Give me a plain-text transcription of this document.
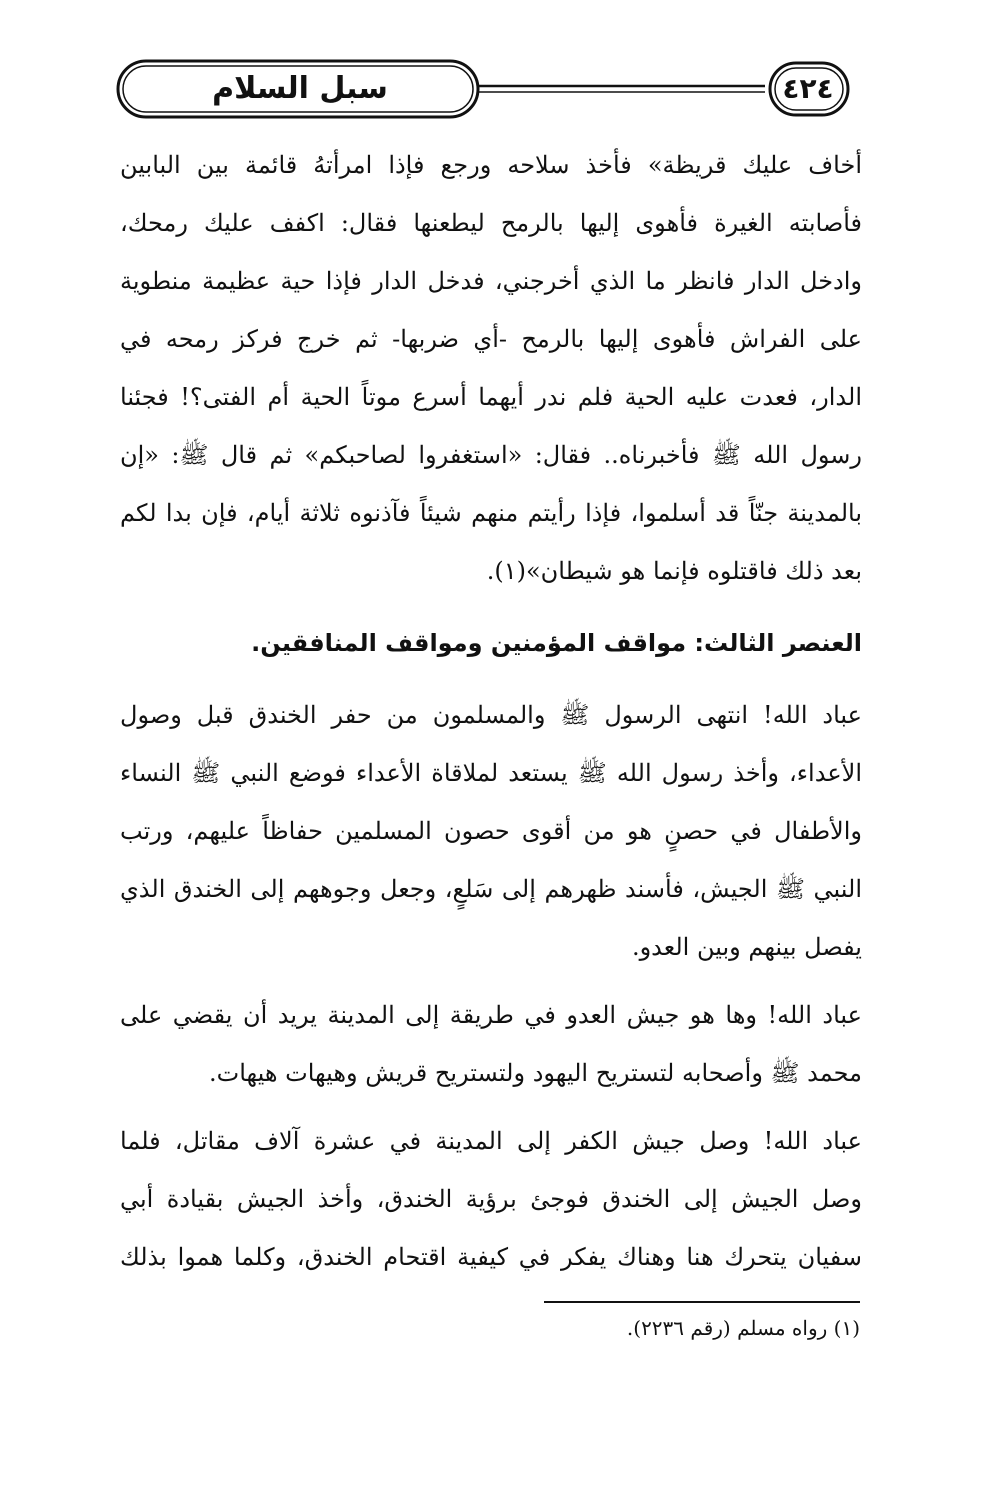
سبل السلام	٤٢٤

أخاف عليك قريظة» فأخذ سلاحه ورجع فإذا امرأتهُ قائمة بين البابين
فأصابته الغيرة فأهوى إليها بالرمح ليطعنها فقال: اكفف عليك رمحك،
وادخل الدار فانظر ما الذي أخرجني، فدخل الدار فإذا حية عظيمة منطوية
على الفراش فأهوى إليها بالرمح -أي ضربها- ثم خرج فركز رمحه في
الدار، فعدت عليه الحية فلم ندر أيهما أسرع موتاً الحية أم الفتى؟! فجئنا
رسول الله ﷺ فأخبرناه.. فقال: «استغفروا لصاحبكم» ثم قال ﷺ: «إن
بالمدينة جنّاً قد أسلموا، فإذا رأيتم منهم شيئاً فآذنوه ثلاثة أيام، فإن بدا لكم
بعد ذلك فاقتلوه فإنما هو شيطان»(١).

العنصر الثالث: مواقف المؤمنين ومواقف المنافقين.

عباد الله! انتهى الرسول ﷺ والمسلمون من حفر الخندق قبل وصول
الأعداء، وأخذ رسول الله ﷺ يستعد لملاقاة الأعداء فوضع النبي ﷺ النساء
والأطفال في حصنٍ هو من أقوى حصون المسلمين حفاظاً عليهم، ورتب
النبي ﷺ الجيش، فأسند ظهرهم إلى سَلعٍ، وجعل وجوههم إلى الخندق الذي
يفصل بينهم وبين العدو.

عباد الله! وها هو جيش العدو في طريقة إلى المدينة يريد أن يقضي على
محمد ﷺ وأصحابه لتستريح اليهود ولتستريح قريش وهيهات هيهات.

عباد الله! وصل جيش الكفر إلى المدينة في عشرة آلاف مقاتل، فلما
وصل الجيش إلى الخندق فوجئ برؤية الخندق، وأخذ الجيش بقيادة أبي
سفيان يتحرك هنا وهناك يفكر في كيفية اقتحام الخندق، وكلما هموا بذلك

(١) رواه مسلم (رقم ٢٢٣٦).
